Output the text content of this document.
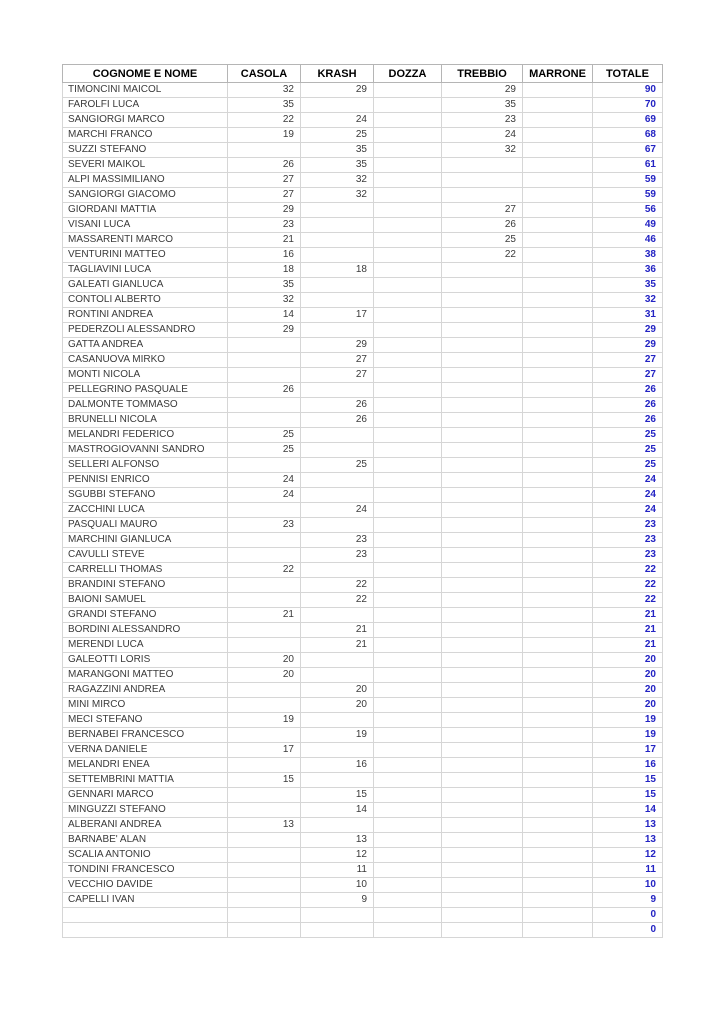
COGNOME E NOME	CASOLA	KRASH	DOZZA	TREBBIO	MARRONE	TOTALE
TIMONCINI MAICOL	32	29		29		90
FAROLFI LUCA	35			35		70
SANGIORGI MARCO	22	24		23		69
MARCHI FRANCO	19	25		24		68
SUZZI STEFANO		35		32		67
SEVERI MAIKOL	26	35				61
ALPI MASSIMILIANO	27	32				59
SANGIORGI GIACOMO	27	32				59
GIORDANI MATTIA	29			27		56
VISANI LUCA	23			26		49
MASSARENTI MARCO	21			25		46
VENTURINI MATTEO	16			22		38
TAGLIAVINI LUCA	18	18				36
GALEATI GIANLUCA	35					35
CONTOLI ALBERTO	32					32
RONTINI ANDREA	14	17				31
PEDERZOLI ALESSANDRO	29					29
GATTA ANDREA		29				29
CASANUOVA MIRKO		27				27
MONTI NICOLA		27				27
PELLEGRINO PASQUALE	26					26
DALMONTE TOMMASO		26				26
BRUNELLI NICOLA		26				26
MELANDRI FEDERICO	25					25
MASTROGIOVANNI SANDRO	25					25
SELLERI ALFONSO		25				25
PENNISI ENRICO	24					24
SGUBBI STEFANO	24					24
ZACCHINI LUCA		24				24
PASQUALI MAURO	23					23
MARCHINI GIANLUCA		23				23
CAVULLI STEVE		23				23
CARRELLI THOMAS	22					22
BRANDINI STEFANO		22				22
BAIONI SAMUEL		22				22
GRANDI STEFANO	21					21
BORDINI ALESSANDRO		21				21
MERENDI LUCA		21				21
GALEOTTI LORIS	20					20
MARANGONI MATTEO	20					20
RAGAZZINI ANDREA		20				20
MINI MIRCO		20				20
MECI STEFANO	19					19
BERNABEI FRANCESCO		19				19
VERNA DANIELE	17					17
MELANDRI ENEA		16				16
SETTEMBRINI MATTIA	15					15
GENNARI MARCO		15				15
MINGUZZI STEFANO		14				14
ALBERANI ANDREA	13					13
BARNABE' ALAN		13				13
SCALIA ANTONIO		12				12
TONDINI FRANCESCO		11				11
VECCHIO DAVIDE		10				10
CAPELLI IVAN		9				9
						0
						0
